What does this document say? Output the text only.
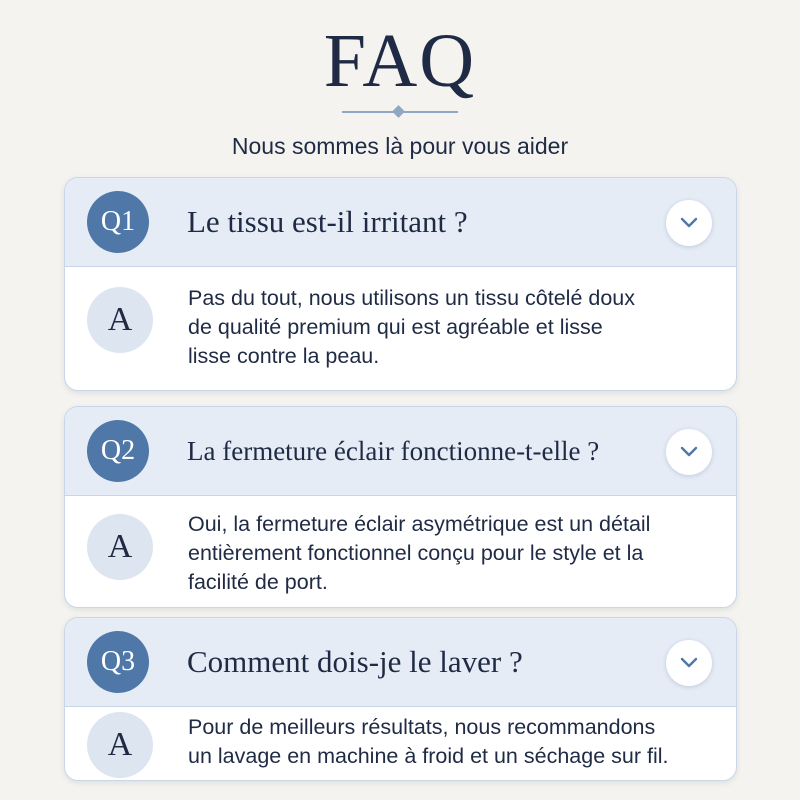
FAQ
Nous sommes là pour vous aider
Q1	Le tissu est-il irritant ?
A
Pas du tout, nous utilisons un tissu côtelé doux
de qualité premium qui est agréable et lisse
lisse contre la peau.
Q2	La fermeture éclair fonctionne-t-elle ?
A
Oui, la fermeture éclair asymétrique est un détail
entièrement fonctionnel conçu pour le style et la
facilité de port.
Q3	Comment dois-je le laver ?
A	Pour de meilleurs résultats, nous recommandons
un lavage en machine à froid et un séchage sur fil.
